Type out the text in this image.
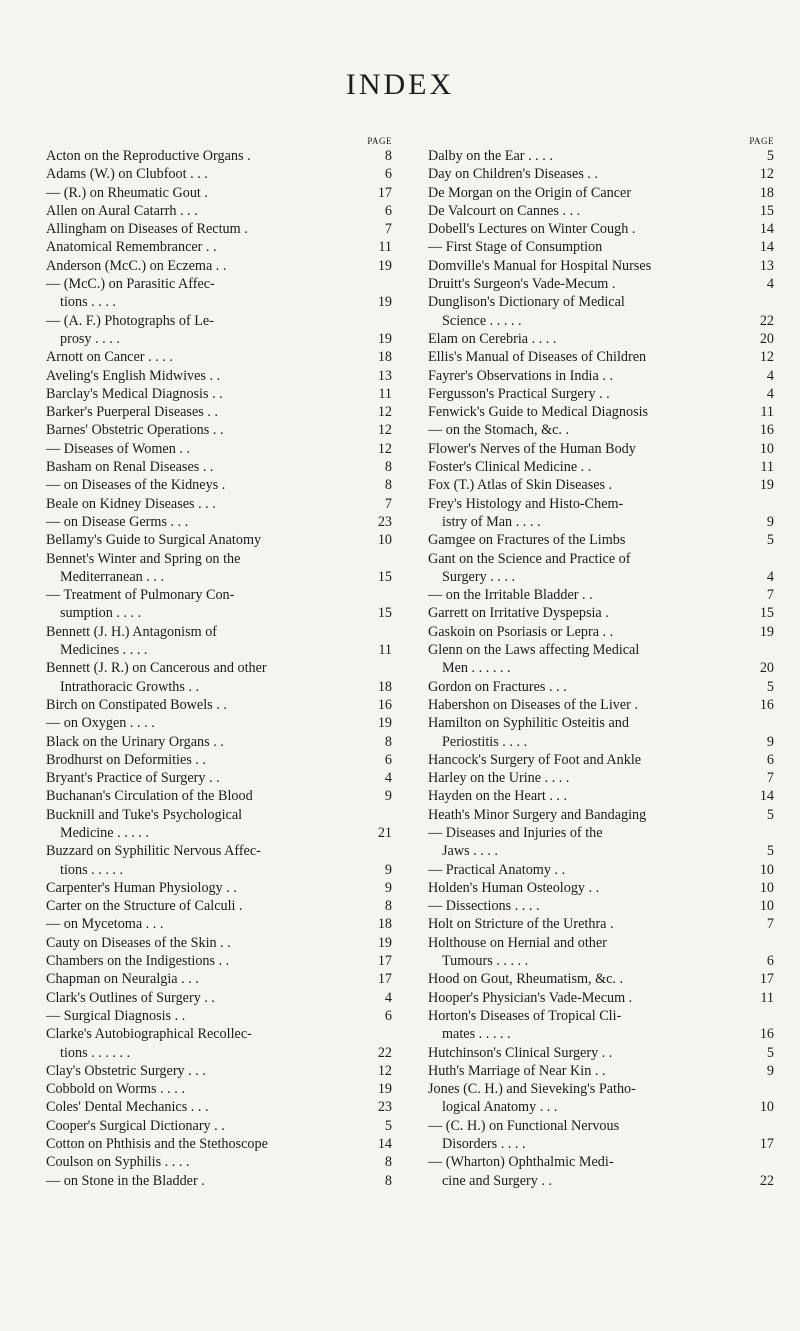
INDEX
PAGE
Acton on the Reproductive Organs .	8
Adams (W.) on Clubfoot . . .	6
— (R.) on Rheumatic Gout .	17
Allen on Aural Catarrh . . .	6
Allingham on Diseases of Rectum .	7
Anatomical Remembrancer . .	11
Anderson (McC.) on Eczema . .	19
— (McC.) on Parasitic Affec-
tions . . . .	19
— (A. F.) Photographs of Le-
prosy . . . .	19
Arnott on Cancer . . . .	18
Aveling's English Midwives . .	13
Barclay's Medical Diagnosis . .	11
Barker's Puerperal Diseases . .	12
Barnes' Obstetric Operations . .	12
— Diseases of Women . .	12
Basham on Renal Diseases . .	8
— on Diseases of the Kidneys .	8
Beale on Kidney Diseases . . .	7
— on Disease Germs . . .	23
Bellamy's Guide to Surgical Anatomy	10
Bennet's Winter and Spring on the
Mediterranean . . .	15
— Treatment of Pulmonary Con-
sumption . . . .	15
Bennett (J. H.) Antagonism of
Medicines . . . .	11
Bennett (J. R.) on Cancerous and other
Intrathoracic Growths . .	18
Birch on Constipated Bowels . .	16
— on Oxygen . . . .	19
Black on the Urinary Organs . .	8
Brodhurst on Deformities . .	6
Bryant's Practice of Surgery . .	4
Buchanan's Circulation of the Blood	9
Bucknill and Tuke's Psychological
Medicine . . . . .	21
Buzzard on Syphilitic Nervous Affec-
tions . . . . .	9
Carpenter's Human Physiology . .	9
Carter on the Structure of Calculi .	8
— on Mycetoma . . .	18
Cauty on Diseases of the Skin . .	19
Chambers on the Indigestions . .	17
Chapman on Neuralgia . . .	17
Clark's Outlines of Surgery . .	4
— Surgical Diagnosis . .	6
Clarke's Autobiographical Recollec-
tions . . . . . .	22
Clay's Obstetric Surgery . . .	12
Cobbold on Worms . . . .	19
Coles' Dental Mechanics . . .	23
Cooper's Surgical Dictionary . .	5
Cotton on Phthisis and the Stethoscope	14
Coulson on Syphilis . . . .	8
— on Stone in the Bladder .	8
PAGE
Dalby on the Ear . . . .	5
Day on Children's Diseases . .	12
De Morgan on the Origin of Cancer	18
De Valcourt on Cannes . . .	15
Dobell's Lectures on Winter Cough .	14
— First Stage of Consumption	14
Domville's Manual for Hospital Nurses	13
Druitt's Surgeon's Vade-Mecum .	4
Dunglison's Dictionary of Medical
Science . . . . .	22
Elam on Cerebria . . . .	20
Ellis's Manual of Diseases of Children	12
Fayrer's Observations in India . .	4
Fergusson's Practical Surgery . .	4
Fenwick's Guide to Medical Diagnosis	11
— on the Stomach, &c. .	16
Flower's Nerves of the Human Body	10
Foster's Clinical Medicine . .	11
Fox (T.) Atlas of Skin Diseases .	19
Frey's Histology and Histo-Chem-
istry of Man . . . .	9
Gamgee on Fractures of the Limbs	5
Gant on the Science and Practice of
Surgery . . . .	4
— on the Irritable Bladder . .	7
Garrett on Irritative Dyspepsia .	15
Gaskoin on Psoriasis or Lepra . .	19
Glenn on the Laws affecting Medical
Men . . . . . .	20
Gordon on Fractures . . .	5
Habershon on Diseases of the Liver .	16
Hamilton on Syphilitic Osteitis and
Periostitis . . . .	9
Hancock's Surgery of Foot and Ankle	6
Harley on the Urine . . . .	7
Hayden on the Heart . . .	14
Heath's Minor Surgery and Bandaging	5
— Diseases and Injuries of the
Jaws . . . .	5
— Practical Anatomy . .	10
Holden's Human Osteology . .	10
— Dissections . . . .	10
Holt on Stricture of the Urethra .	7
Holthouse on Hernial and other
Tumours . . . . .	6
Hood on Gout, Rheumatism, &c. .	17
Hooper's Physician's Vade-Mecum .	11
Horton's Diseases of Tropical Cli-
mates . . . . .	16
Hutchinson's Clinical Surgery . .	5
Huth's Marriage of Near Kin . .	9
Jones (C. H.) and Sieveking's Patho-
logical Anatomy . . .	10
— (C. H.) on Functional Nervous
Disorders . . . .	17
— (Wharton) Ophthalmic Medi-
cine and Surgery . .	22
